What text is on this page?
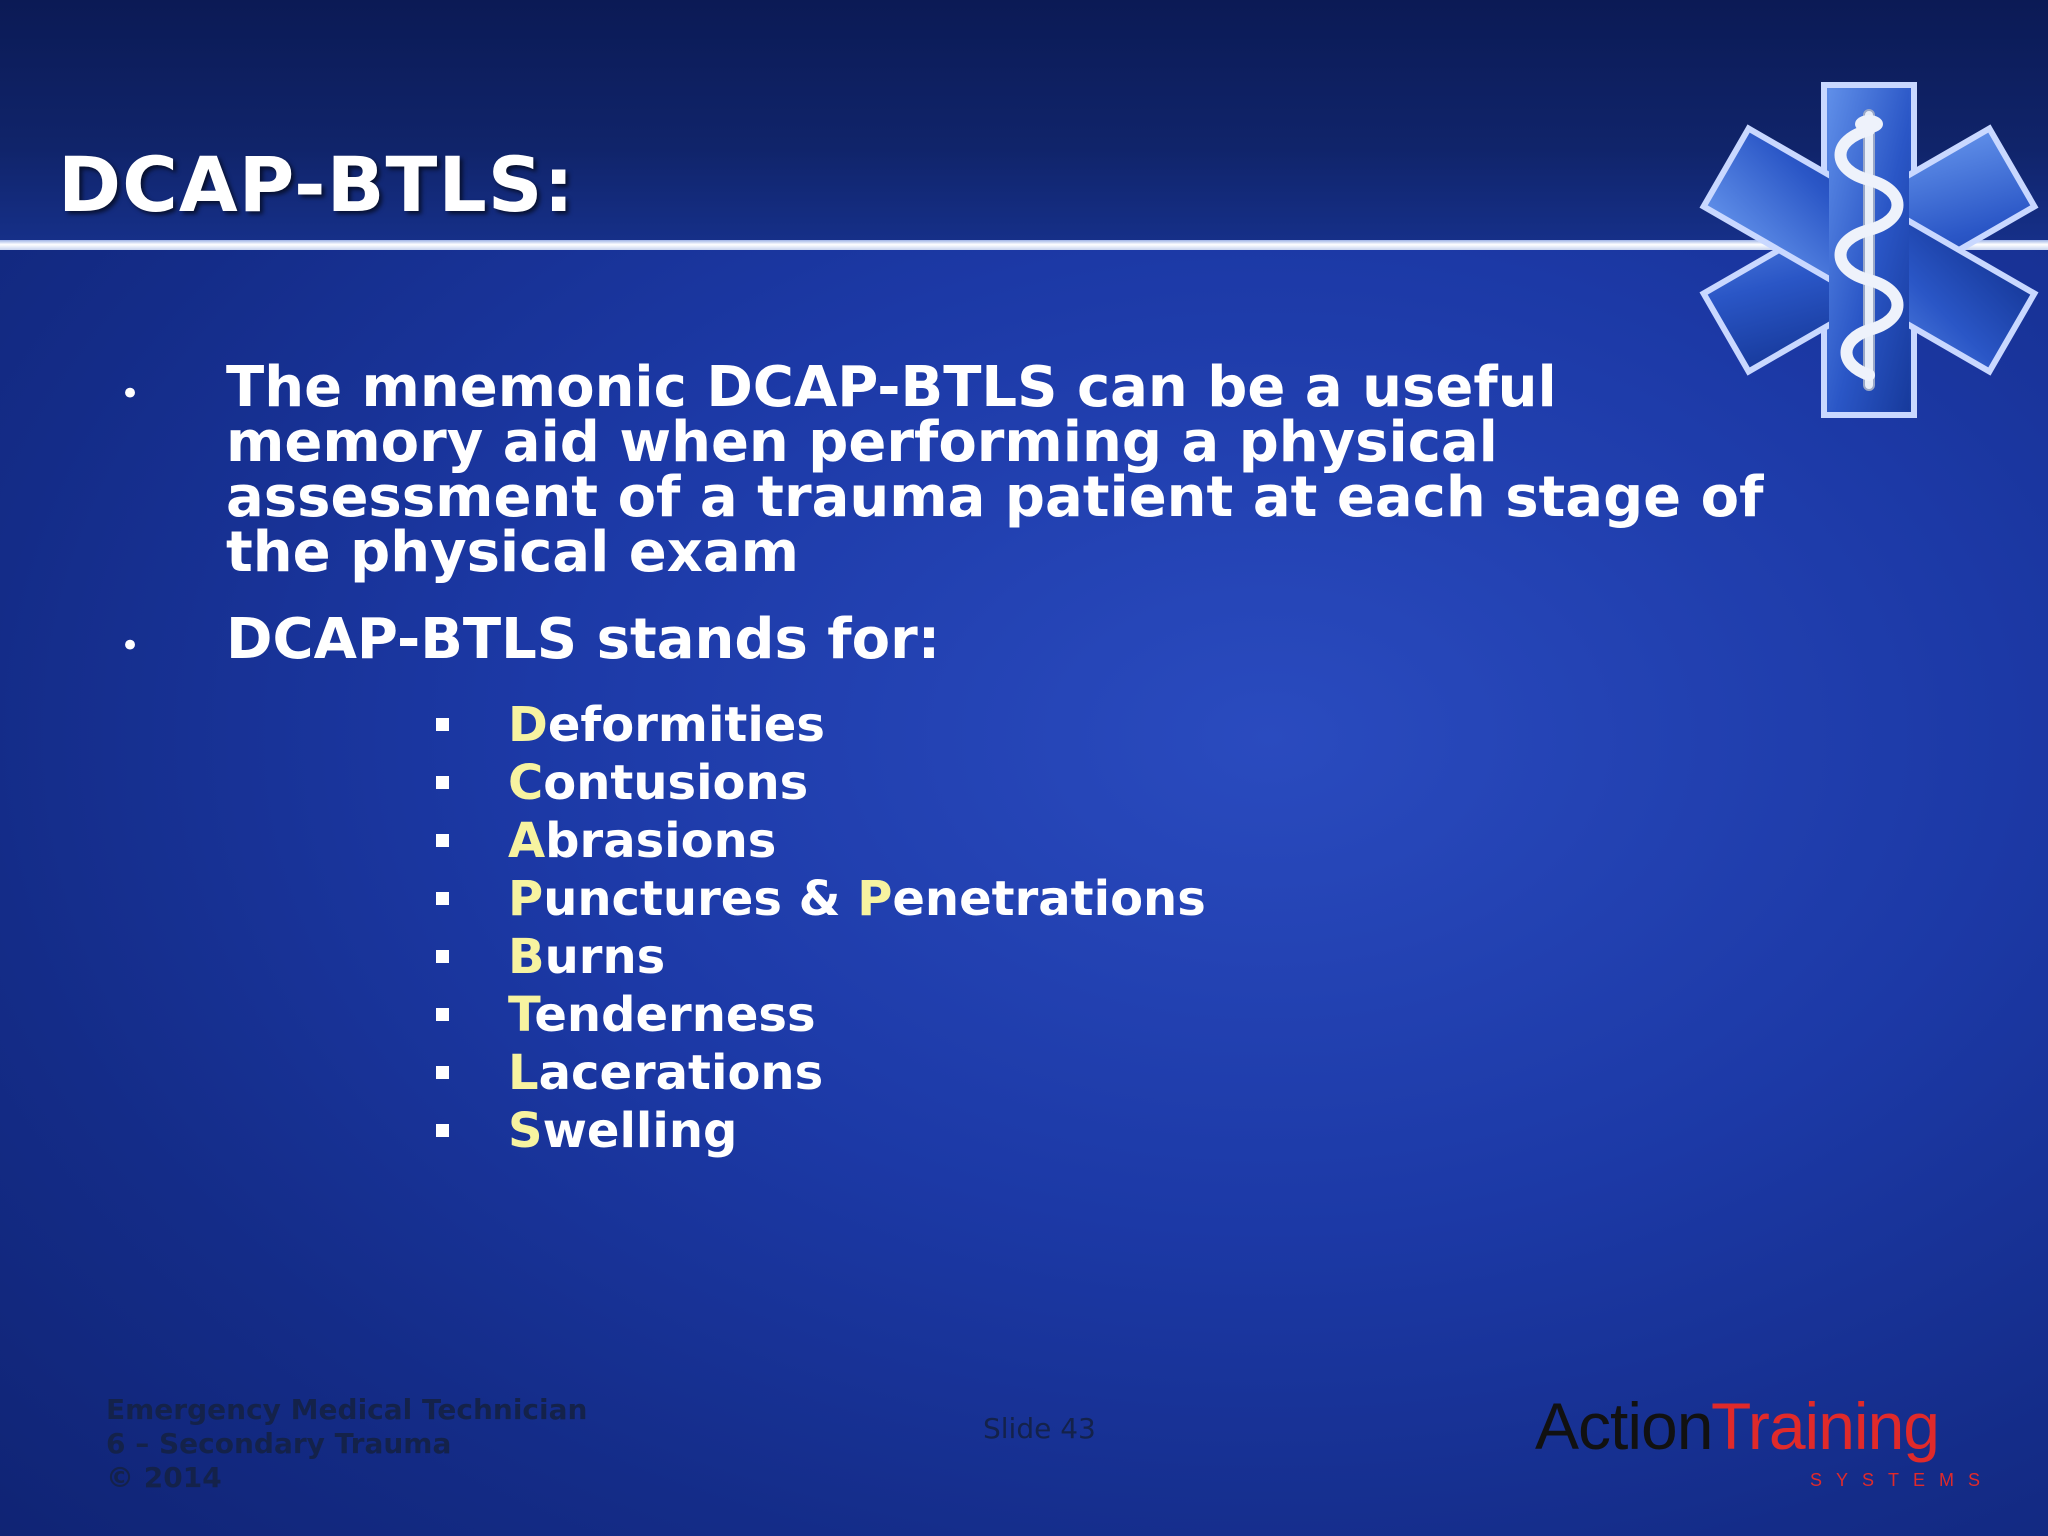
DCAP-BTLS:
• The mnemonic DCAP-BTLS can be a useful memory aid when performing a physical assessment of a trauma patient at each stage of the physical exam
• DCAP-BTLS stands for:
Deformities
Contusions
Abrasions
Punctures & Penetrations
Burns
Tenderness
Lacerations
Swelling
Emergency Medical Technician
6 – Secondary Trauma
© 2014
Slide 43	Action
Training
SYSTEMS
